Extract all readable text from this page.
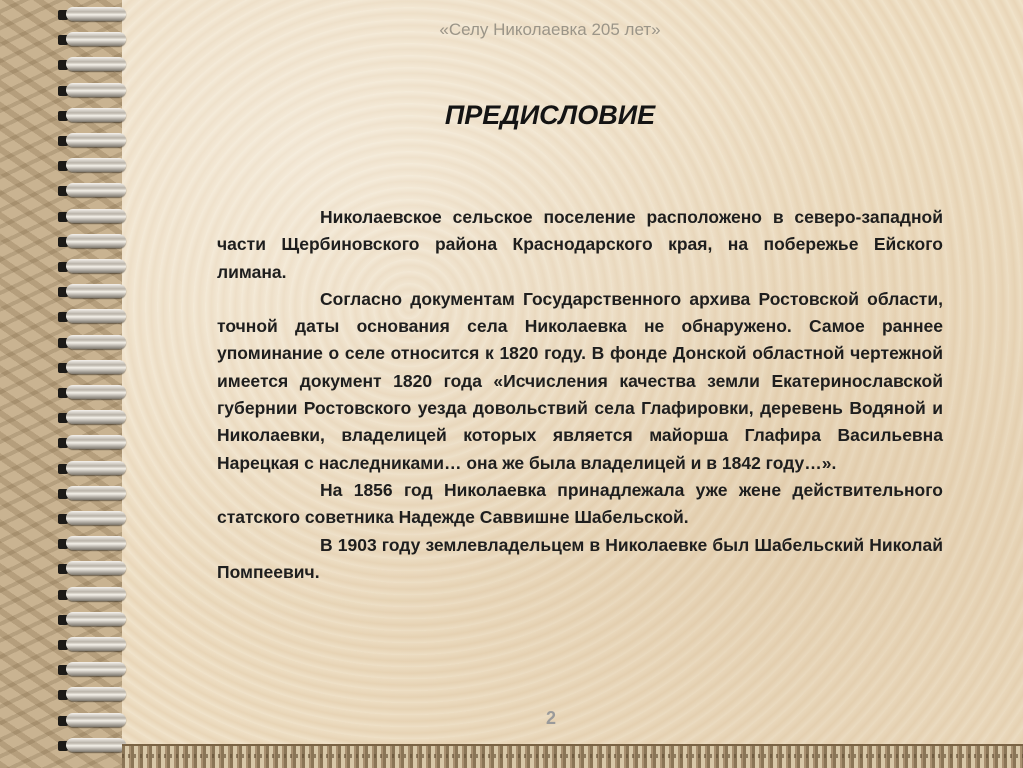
«Селу Николаевка 205 лет»
ПРЕДИСЛОВИЕ

Николаевское сельское поселение расположено в северо-западной части Щербиновского района Краснодарского края, на побережье Ейского лимана.

Согласно документам Государственного архива Ростовской области, точной даты основания села Николаевка не обнаружено. Самое раннее упоминание о селе относится к 1820 году. В фонде Донской областной чертежной имеется документ 1820 года «Исчисления качества земли Екатеринославской губернии Ростовского уезда довольствий села Глафировки, деревень Водяной и Николаевки, владелицей которых является майорша Глафира Васильевна Нарецкая с наследниками… она же была владелицей и в 1842 году…».

На 1856 год Николаевка принадлежала уже жене действительного статского советника Надежде Саввишне Шабельской.

В 1903 году землевладельцем в Николаевке был Шабельский Николай Помпеевич.

2
